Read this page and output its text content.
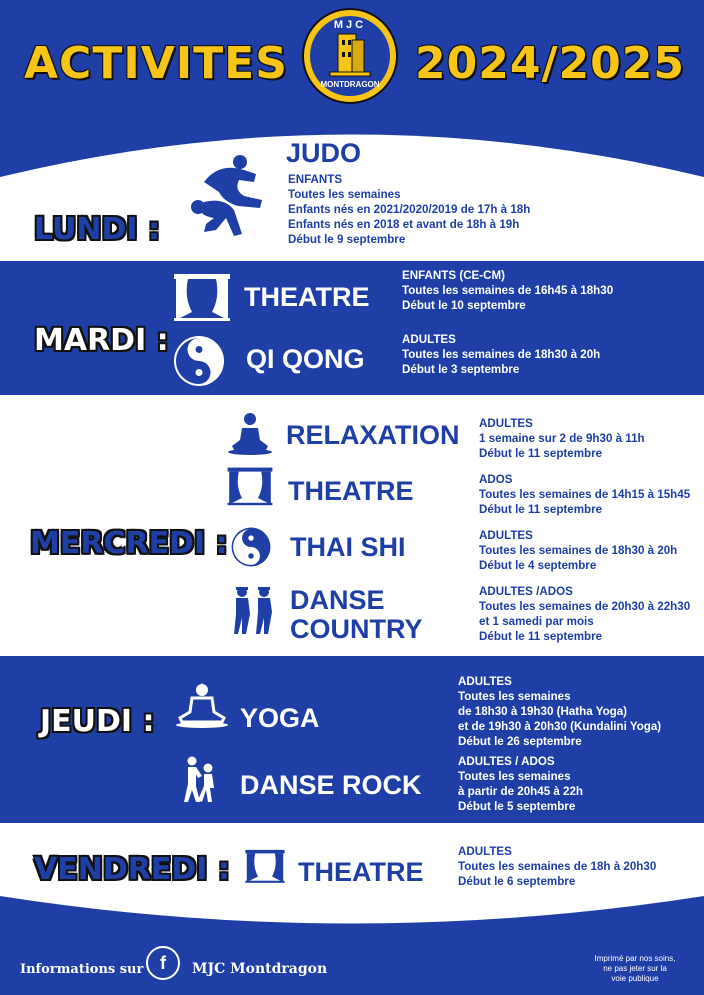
ACTIVITES	2024/2025
MJC
MONTDRAGON
LUNDI :
JUDO
ENFANTS
Toutes les semaines
Enfants nés en 2021/2020/2019 de 17h à 18h
Enfants nés en 2018 et avant de 18h à 19h
Début le 9 septembre
MARDI :
THEATRE
ENFANTS (CE-CM)
Toutes les semaines de 16h45 à 18h30
Début le 10 septembre
QI QONG
ADULTES
Toutes les semaines de 18h30 à 20h
Début le 3 septembre
MERCREDI :
RELAXATION ADULTES
1 semaine sur 2 de 9h30 à 11h
Début le 11 septembre
THEATRE	ADOS
Toutes les semaines de 14h15 à 15h45
Début le 11 septembre
THAI SHI	ADULTES
Toutes les semaines de 18h30 à 20h
Début le 4 septembre
DANSE
COUNTRY
ADULTES /ADOS
Toutes les semaines de 20h30 à 22h30
et 1 samedi par mois
Début le 11 septembre
JEUDI :	YOGA
ADULTES
Toutes les semaines
de 18h30 à 19h30 (Hatha Yoga)
et de 19h30 à 20h30 (Kundalini Yoga)
Début le 26 septembre
DANSE ROCK
ADULTES / ADOS
Toutes les semaines
à partir de 20h45 à 22h
Début le 5 septembre
VENDREDI :	THEATRE
ADULTES
Toutes les semaines de 18h à 20h30
Début le 6 septembre
Informations sur f	MJC Montdragon
Imprimé par nos soins,
ne pas jeter sur la
voie publique
